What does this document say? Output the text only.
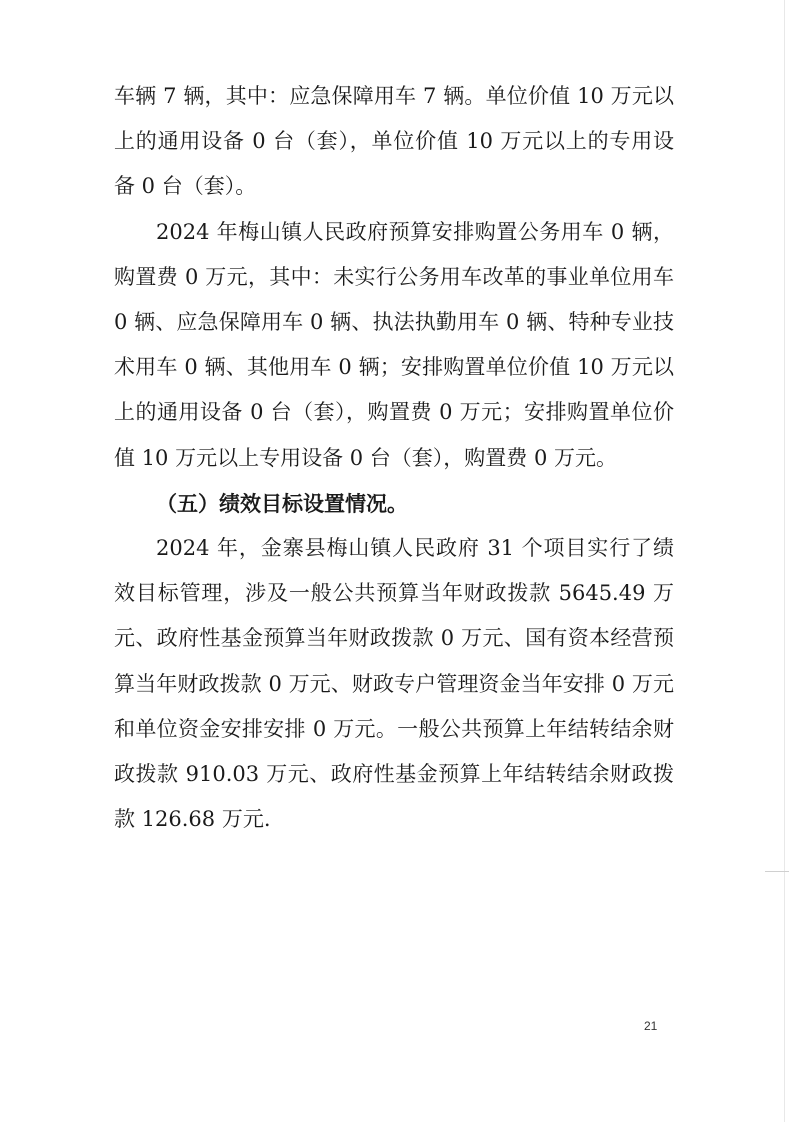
车辆 7 辆，其中：应急保障用车 7 辆。单位价值 10 万元以上的通用设备 0 台（套），单位价值 10 万元以上的专用设备 0 台（套）。

2024 年梅山镇人民政府预算安排购置公务用车 0 辆，购置费 0 万元，其中：未实行公务用车改革的事业单位用车 0 辆、应急保障用车 0 辆、执法执勤用车 0 辆、特种专业技术用车 0 辆、其他用车 0 辆；安排购置单位价值 10 万元以上的通用设备 0 台（套），购置费 0 万元；安排购置单位价值 10 万元以上专用设备 0 台（套），购置费 0 万元。

（五）绩效目标设置情况。

2024 年，金寨县梅山镇人民政府 31 个项目实行了绩效目标管理，涉及一般公共预算当年财政拨款 5645.49 万元、政府性基金预算当年财政拨款 0 万元、国有资本经营预算当年财政拨款 0 万元、财政专户管理资金当年安排 0 万元和单位资金安排安排 0 万元。一般公共预算上年结转结余财政拨款 910.03 万元、政府性基金预算上年结转结余财政拨款 126.68 万元.

21
